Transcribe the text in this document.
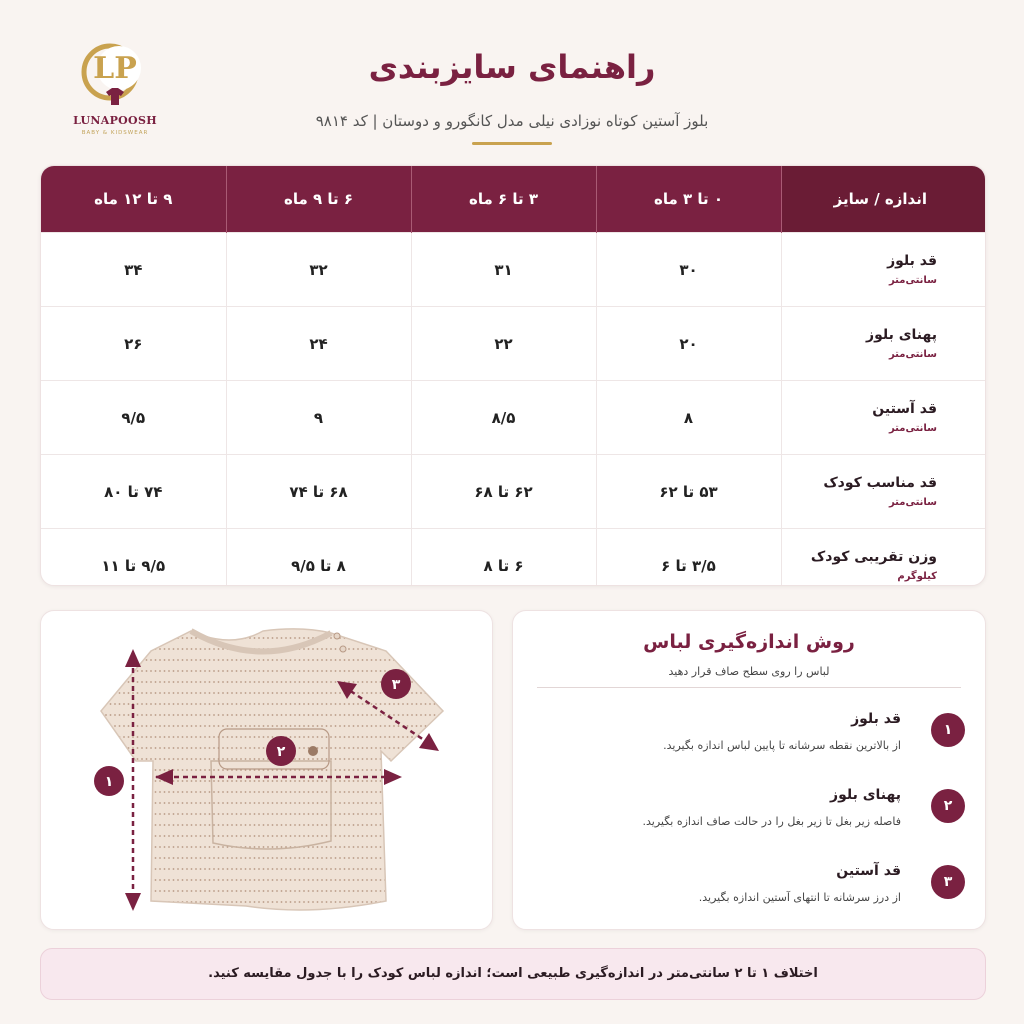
LP
LUNAPOOSH
BABY & KIDSWEAR
راهنمای سایزبندی
بلوز آستین کوتاه نوزادی نیلی مدل کانگورو و دوستان | کد ۹۸۱۴
اندازه / سایز	۰ تا ۳ ماه	۳ تا ۶ ماه	۶ تا ۹ ماه	۹ تا ۱۲ ماه

قد بلوز
سانتی‌متر	۳۰	۳۱	۳۲	۳۴

پهنای بلوز
سانتی‌متر	۲۰	۲۲	۲۴	۲۶

قد آستین
سانتی‌متر	۸	۸/۵	۹	۹/۵

قد مناسب کودک
سانتی‌متر	۵۳ تا ۶۲	۶۲ تا ۶۸	۶۸ تا ۷۴	۷۴ تا ۸۰

وزن تقریبی کودک
کیلوگرم	۳/۵ تا ۶	۶ تا ۸	۸ تا ۹/۵	۹/۵ تا ۱۱
۱
۲
۳
روش اندازه‌گیری لباس
لباس را روی سطح صاف قرار دهید
۱
قد بلوز
از بالاترین نقطه سرشانه تا پایین لباس اندازه بگیرید.
۲
پهنای بلوز
فاصله زیر بغل تا زیر بغل را در حالت صاف اندازه بگیرید.
۳
قد آستین
از درز سرشانه تا انتهای آستین اندازه بگیرید.
اختلاف ۱ تا ۲ سانتی‌متر در اندازه‌گیری طبیعی است؛ اندازه لباس کودک را با جدول مقایسه کنید.
